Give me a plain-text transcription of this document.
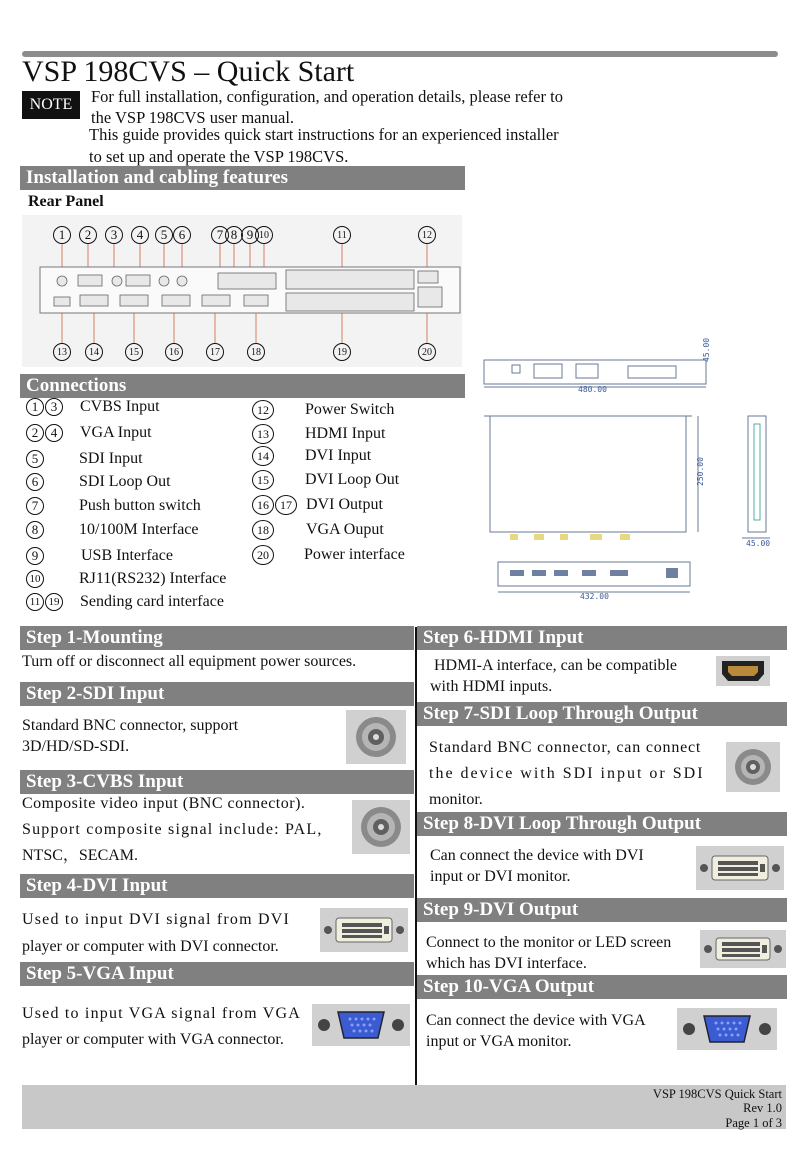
VSP 198CVS – Quick Start
NOTE	For full installation, configuration, and operation details, please refer to
the VSP 198CVS user manual.
This guide provides quick start instructions for an experienced installer
to set up and operate the VSP 198CVS.
Installation and cabling features
Rear Panel
1	2	3	4	5 6	7 8 9 10	11	12
13	14	15	16	17	18	19	20
480.00
45.00
250.00
45.00
432.00
Connections
1 3	CVBS Input
2 4	VGA Input
5	SDI Input
6	SDI Loop Out
7	Push button switch
8	10/100M Interface
9	USB Interface
10 RJ11(RS232) Interface
11 19 Sending card interface
12	Power Switch
13	HDMI Input
14	DVI Input
15	DVI Loop Out
16 17 DVI Output
18	VGA Ouput
20	Power interface
Step 1-Mounting
Turn off or disconnect all equipment power sources.
Step 2-SDI Input
Standard BNC connector, support
3D/HD/SD-SDI.
Step 3-CVBS Input
Composite video input (BNC connector).
Support composite signal include: PAL,
NTSC，SECAM.
Step 4-DVI Input
Used to input DVI signal from DVI
player or computer with DVI connector.
Step 5-VGA Input
Used to input VGA signal from VGA
player or computer with VGA connector.
Step 6-HDMI Input
HDMI-A interface, can be compatible
with HDMI inputs.
Step 7-SDI Loop Through Output
Standard BNC connector, can connect
the device with SDI input or SDI
monitor.
Step 8-DVI Loop Through Output
Can connect the device with DVI
input or DVI monitor.
Step 9-DVI Output
Connect to the monitor or LED screen
which has DVI interface.
Step 10-VGA Output
Can connect the device with VGA
input or VGA monitor.
VSP 198CVS Quick Start
Rev 1.0
Page 1 of 3
